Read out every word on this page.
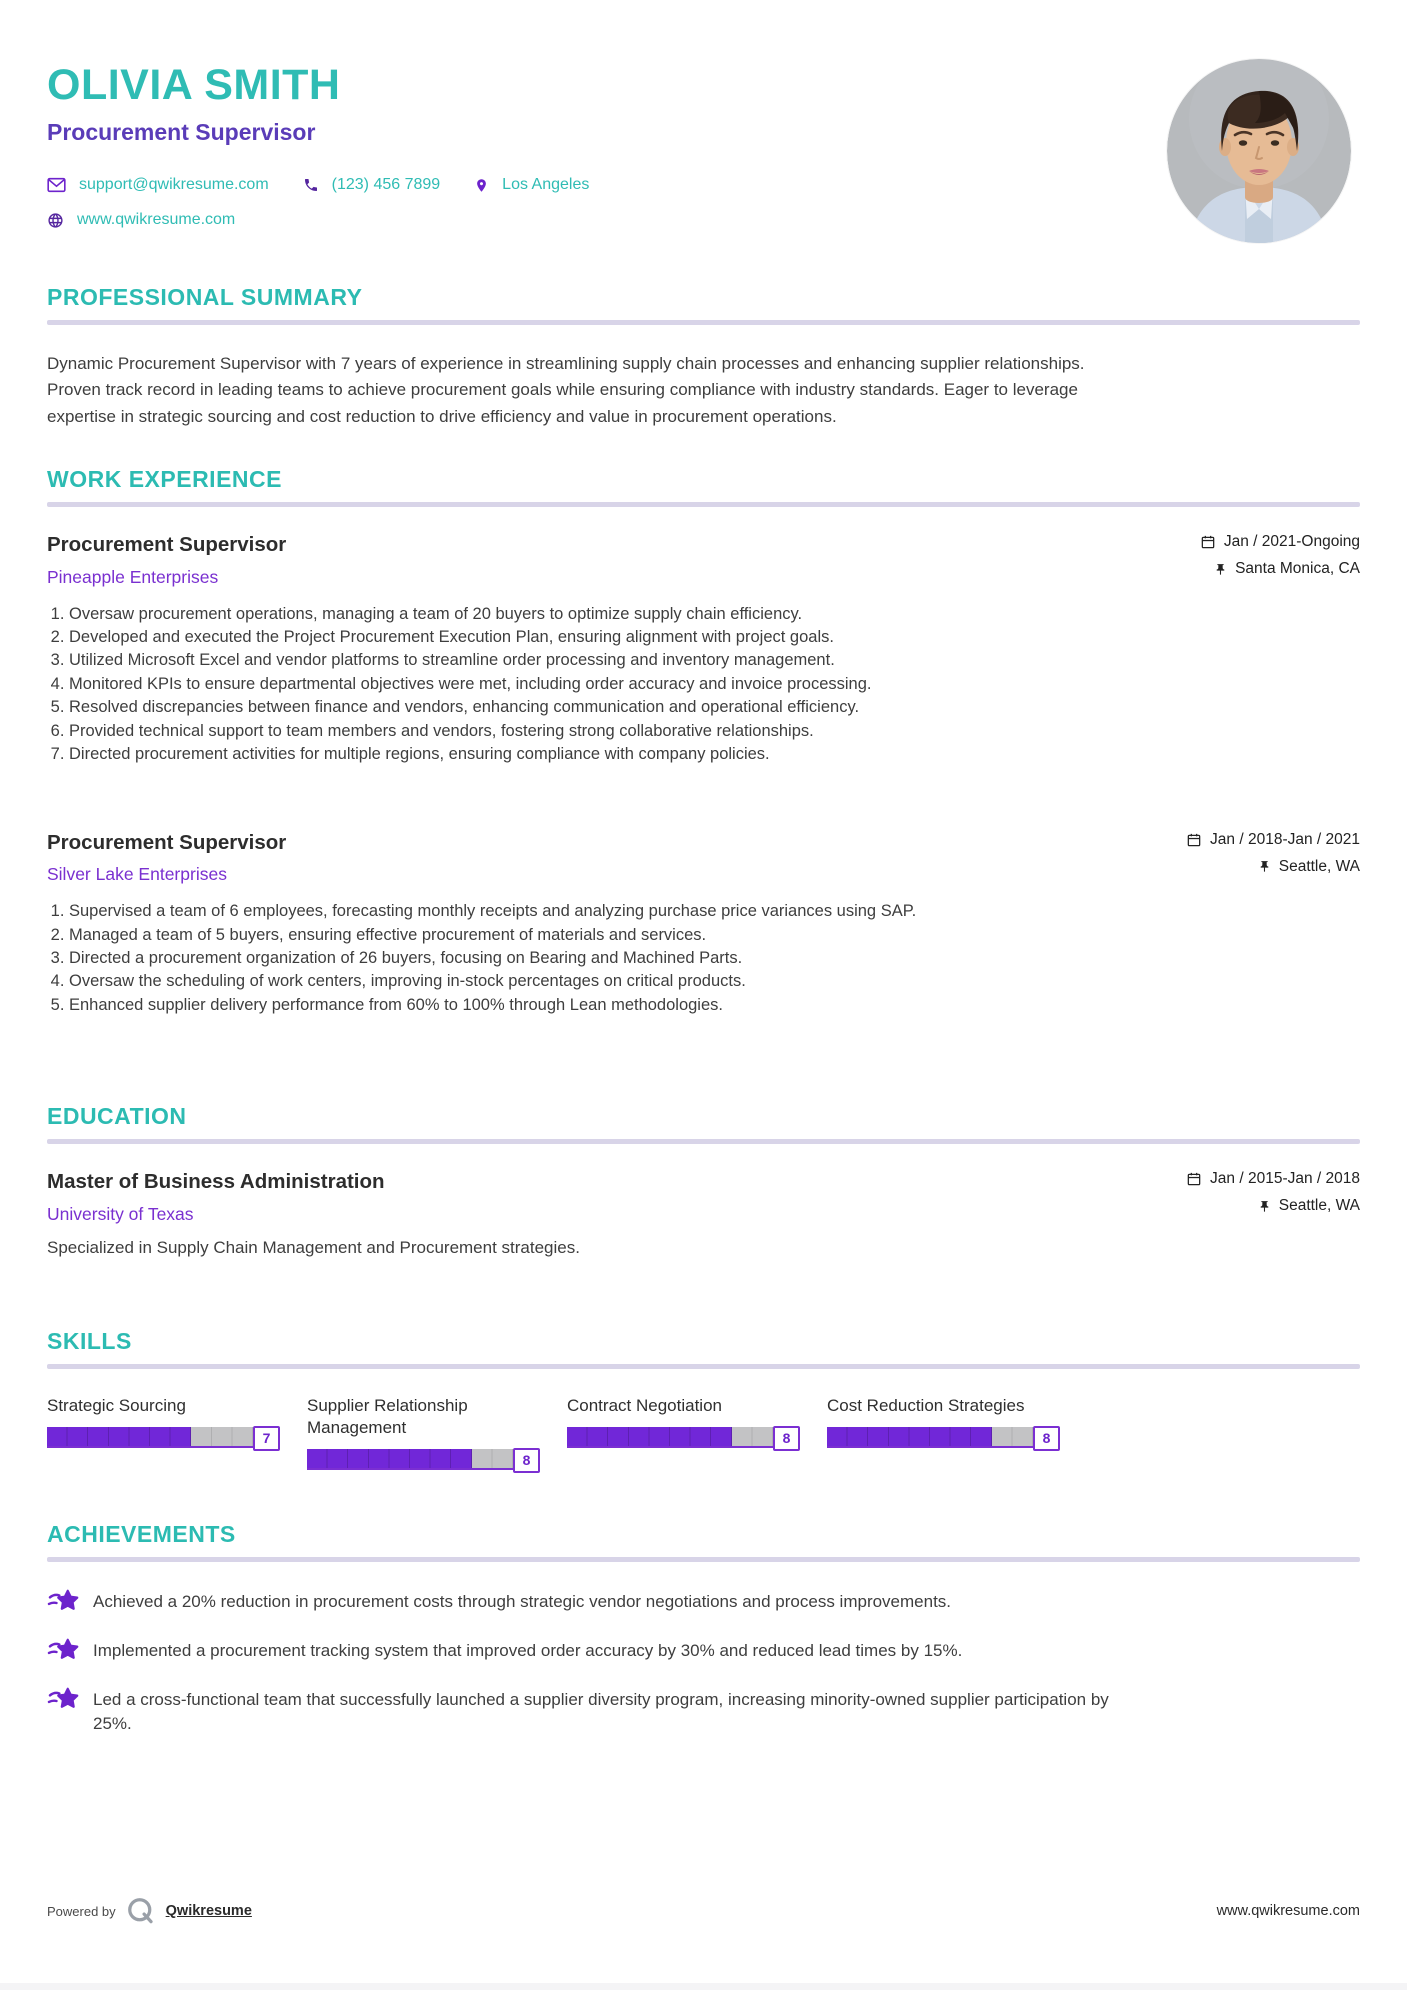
OLIVIA SMITH
Procurement Supervisor
support@qwikresume.com	(123) 456 7899	Los Angeles
www.qwikresume.com
PROFESSIONAL SUMMARY

Dynamic Procurement Supervisor with 7 years of experience in streamlining supply chain processes and enhancing supplier relationships. Proven track record in leading teams to achieve procurement goals while ensuring compliance with industry standards. Eager to leverage expertise in strategic sourcing and cost reduction to drive efficiency and value in procurement operations.

WORK EXPERIENCE
Procurement Supervisor
Pineapple Enterprises
Jan / 2021-Ongoing
Santa Monica, CA
1. Oversaw procurement operations, managing a team of 20 buyers to optimize supply chain efficiency.
2. Developed and executed the Project Procurement Execution Plan, ensuring alignment with project goals.
3. Utilized Microsoft Excel and vendor platforms to streamline order processing and inventory management.
4. Monitored KPIs to ensure departmental objectives were met, including order accuracy and invoice processing.
5. Resolved discrepancies between finance and vendors, enhancing communication and operational efficiency.
6. Provided technical support to team members and vendors, fostering strong collaborative relationships.
7. Directed procurement activities for multiple regions, ensuring compliance with company policies.
Procurement Supervisor
Silver Lake Enterprises
Jan / 2018-Jan / 2021
Seattle, WA
1. Supervised a team of 6 employees, forecasting monthly receipts and analyzing purchase price variances using SAP.
2. Managed a team of 5 buyers, ensuring effective procurement of materials and services.
3. Directed a procurement organization of 26 buyers, focusing on Bearing and Machined Parts.
4. Oversaw the scheduling of work centers, improving in-stock percentages on critical products.
5. Enhanced supplier delivery performance from 60% to 100% through Lean methodologies.
EDUCATION
Master of Business Administration
University of Texas
Jan / 2015-Jan / 2018
Seattle, WA

Specialized in Supply Chain Management and Procurement strategies.

SKILLS
Strategic Sourcing
7
Supplier Relationship Management
8
Contract Negotiation
8
Cost Reduction Strategies
8
ACHIEVEMENTS
Achieved a 20% reduction in procurement costs through strategic vendor negotiations and process improvements.
Implemented a procurement tracking system that improved order accuracy by 30% and reduced lead times by 15%.
Led a cross-functional team that successfully launched a supplier diversity program, increasing minority-owned supplier participation by 25%.
Powered by	Qwikresume	www.qwikresume.com
